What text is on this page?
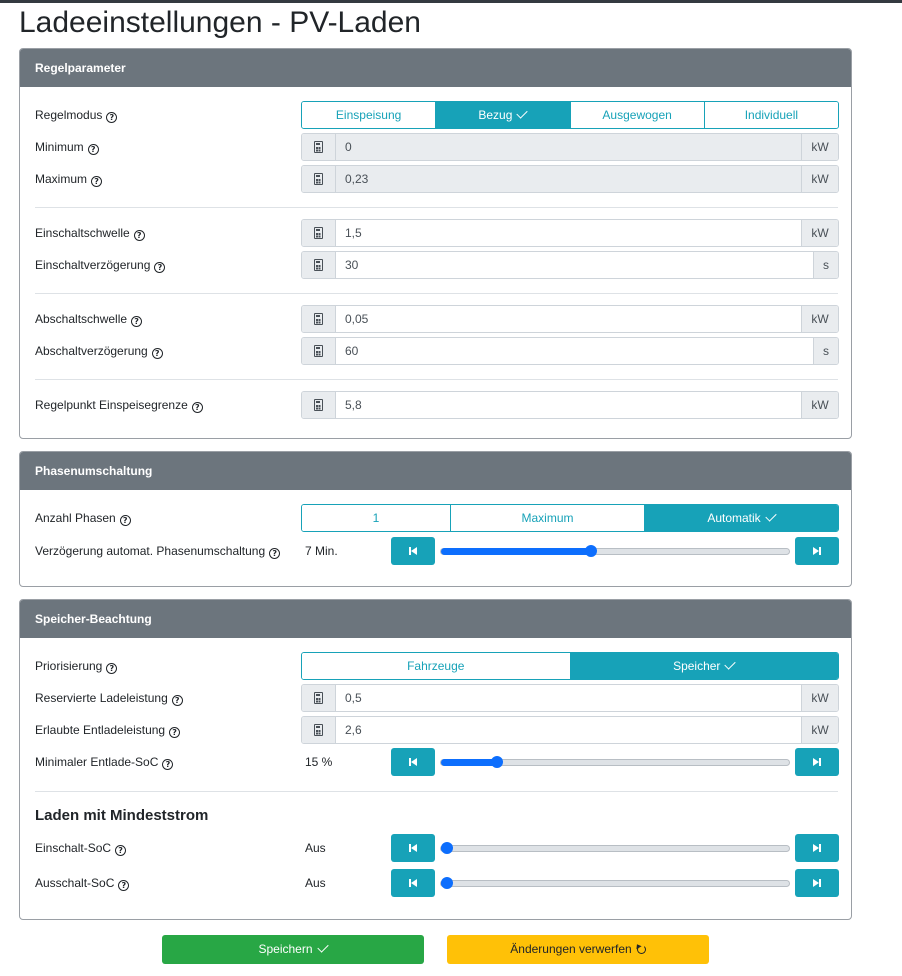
Ladeeinstellungen - PV-Laden
Regelparameter
Regelmodus ?	Einspeisung	Bezug	Ausgewogen	Individuell
Minimum ?	0	kW
Maximum ?	0,23	kW
Einschaltschwelle ?	1,5	kW
Einschaltverzögerung ?	30	s
Abschaltschwelle ?	0,05	kW
Abschaltverzögerung ?	60	s
Regelpunkt Einspeisegrenze ?	5,8	kW
Phasenumschaltung
Anzahl Phasen ?	1	Maximum	Automatik
Verzögerung automat. Phasenumschaltung ? 7 Min.
Speicher-Beachtung
Priorisierung ?	Fahrzeuge	Speicher
Reservierte Ladeleistung ?	0,5	kW
Erlaubte Entladeleistung ?	2,6	kW
Minimaler Entlade-SoC ?	15 %
Laden mit Mindeststrom
Einschalt-SoC ?	Aus
Ausschalt-SoC ?	Aus
Speichern	Änderungen verwerfen
